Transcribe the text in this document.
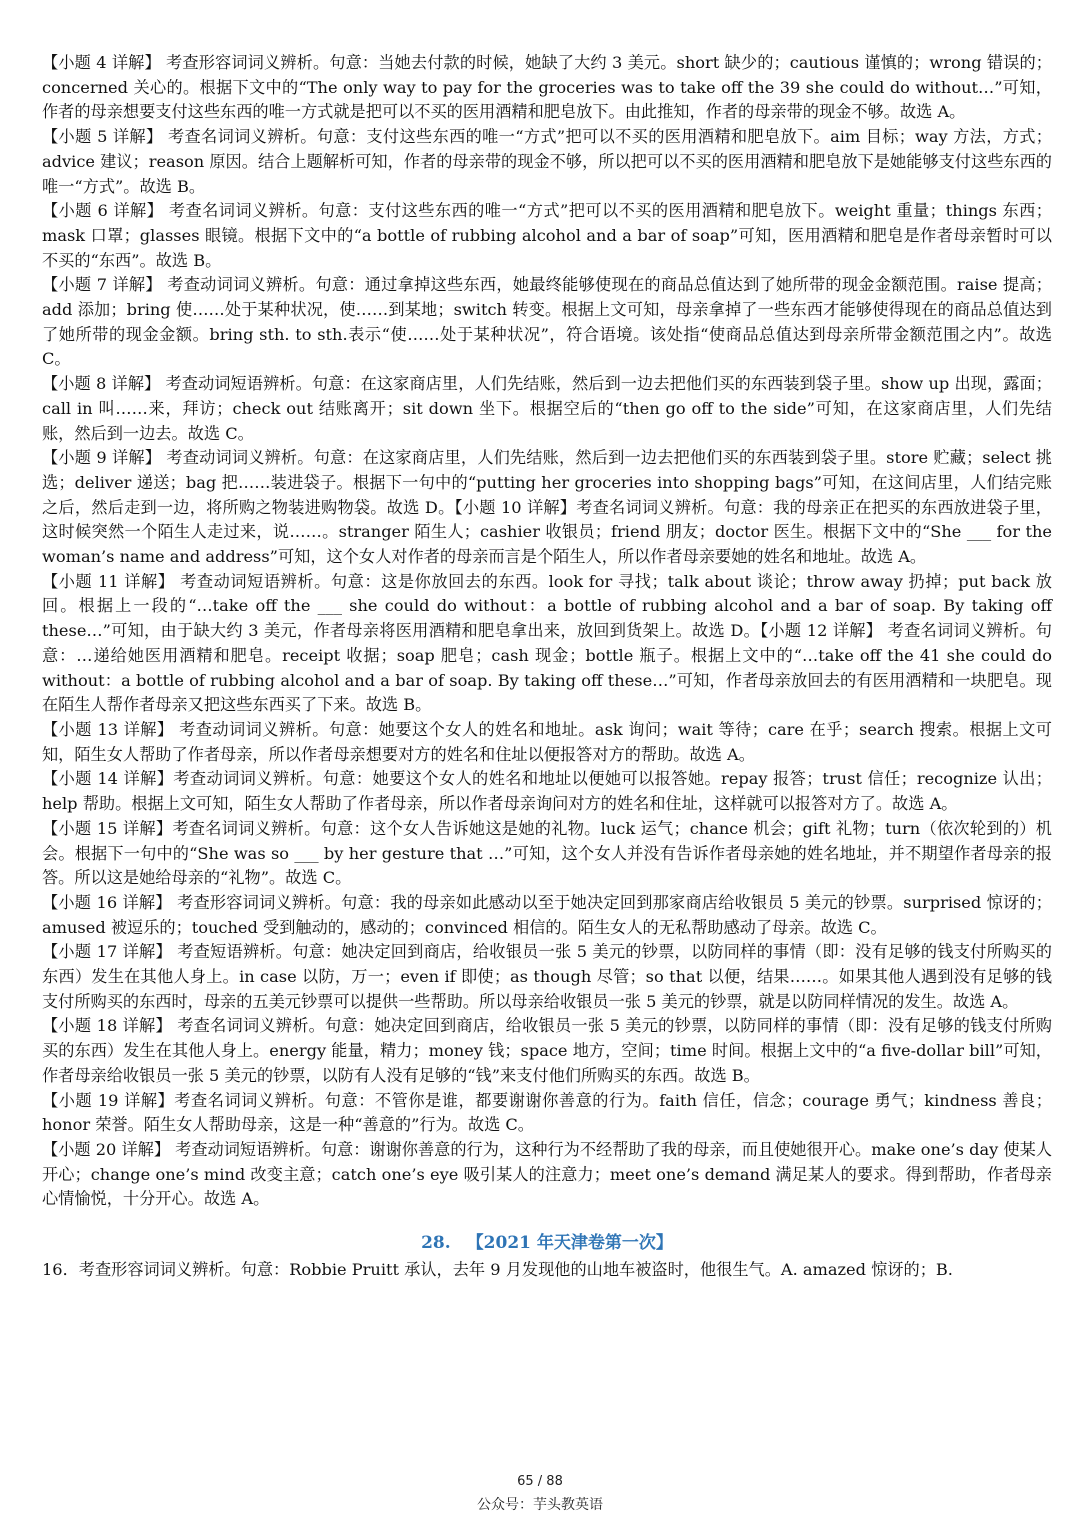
【小题 4 详解】 考查形容词词义辨析。句意：当她去付款的时候，她缺了大约 3 美元。short 缺少的；cautious 谨慎的；wrong 错误的；concerned 关心的。根据下文中的“The only way to pay for the groceries was to take off the 39 she could do without…”可知，作者的母亲想要支付这些东西的唯一方式就是把可以不买的医用酒精和肥皂放下。由此推知，作者的母亲带的现金不够。故选 A。

【小题 5 详解】 考查名词词义辨析。句意：支付这些东西的唯一“方式”把可以不买的医用酒精和肥皂放下。aim 目标；way 方法，方式；advice 建议；reason 原因。结合上题解析可知，作者的母亲带的现金不够，所以把可以不买的医用酒精和肥皂放下是她能够支付这些东西的唯一“方式”。故选 B。

【小题 6 详解】 考查名词词义辨析。句意：支付这些东西的唯一“方式”把可以不买的医用酒精和肥皂放下。weight 重量；things 东西；mask 口罩；glasses 眼镜。根据下文中的“a bottle of rubbing alcohol and a bar of soap”可知，医用酒精和肥皂是作者母亲暂时可以不买的“东西”。故选 B。

【小题 7 详解】 考查动词词义辨析。句意：通过拿掉这些东西，她最终能够使现在的商品总值达到了她所带的现金金额范围。raise 提高；add 添加；bring 使……处于某种状况，使……到某地；switch 转变。根据上文可知，母亲拿掉了一些东西才能够使得现在的商品总值达到了她所带的现金金额。bring sth. to sth.表示“使……处于某种状况”，符合语境。该处指“使商品总值达到母亲所带金额范围之内”。故选 C。

【小题 8 详解】 考查动词短语辨析。句意：在这家商店里，人们先结账，然后到一边去把他们买的东西装到袋子里。show up 出现，露面；call in 叫……来，拜访；check out 结账离开；sit down 坐下。根据空后的“then go off to the side”可知，在这家商店里，人们先结账，然后到一边去。故选 C。

【小题 9 详解】 考查动词词义辨析。句意：在这家商店里，人们先结账，然后到一边去把他们买的东西装到袋子里。store 贮藏；select 挑选；deliver 递送；bag 把……装进袋子。根据下一句中的“putting her groceries into shopping bags”可知，在这间店里，人们结完账之后，然后走到一边，将所购之物装进购物袋。故选 D。【小题 10 详解】考查名词词义辨析。句意：我的母亲正在把买的东西放进袋子里，这时候突然一个陌生人走过来，说……。stranger 陌生人；cashier 收银员；friend 朋友；doctor 医生。根据下文中的“She ___ for the woman’s name and address”可知，这个女人对作者的母亲而言是个陌生人，所以作者母亲要她的姓名和地址。故选 A。

【小题 11 详解】 考查动词短语辨析。句意：这是你放回去的东西。look for 寻找；talk about 谈论；throw away 扔掉；put back 放回。根据上一段的“…take off the ___ she could do without：a bottle of rubbing alcohol and a bar of soap. By taking off these…”可知，由于缺大约 3 美元，作者母亲将医用酒精和肥皂拿出来，放回到货架上。故选 D。【小题 12 详解】 考查名词词义辨析。句意：…递给她医用酒精和肥皂。receipt 收据；soap 肥皂；cash 现金；bottle 瓶子。根据上文中的“…take off the 41 she could do without：a bottle of rubbing alcohol and a bar of soap. By taking off these…”可知，作者母亲放回去的有医用酒精和一块肥皂。现在陌生人帮作者母亲又把这些东西买了下来。故选 B。

【小题 13 详解】 考查动词词义辨析。句意：她要这个女人的姓名和地址。ask 询问；wait 等待；care 在乎；search 搜索。根据上文可知，陌生女人帮助了作者母亲，所以作者母亲想要对方的姓名和住址以便报答对方的帮助。故选 A。

【小题 14 详解】考查动词词义辨析。句意：她要这个女人的姓名和地址以便她可以报答她。repay 报答；trust 信任；recognize 认出；help 帮助。根据上文可知，陌生女人帮助了作者母亲，所以作者母亲询问对方的姓名和住址，这样就可以报答对方了。故选 A。

【小题 15 详解】考查名词词义辨析。句意：这个女人告诉她这是她的礼物。luck 运气；chance 机会；gift 礼物；turn（依次轮到的）机会。根据下一句中的“She was so ___ by her gesture that …”可知，这个女人并没有告诉作者母亲她的姓名地址，并不期望作者母亲的报答。所以这是她给母亲的“礼物”。故选 C。

【小题 16 详解】 考查形容词词义辨析。句意：我的母亲如此感动以至于她决定回到那家商店给收银员 5 美元的钞票。surprised 惊讶的；amused 被逗乐的；touched 受到触动的，感动的；convinced 相信的。陌生女人的无私帮助感动了母亲。故选 C。

【小题 17 详解】 考查短语辨析。句意：她决定回到商店，给收银员一张 5 美元的钞票，以防同样的事情（即：没有足够的钱支付所购买的东西）发生在其他人身上。in case 以防，万一；even if 即使；as though 尽管；so that 以便，结果……。如果其他人遇到没有足够的钱支付所购买的东西时，母亲的五美元钞票可以提供一些帮助。所以母亲给收银员一张 5 美元的钞票，就是以防同样情况的发生。故选 A。

【小题 18 详解】 考查名词词义辨析。句意：她决定回到商店，给收银员一张 5 美元的钞票，以防同样的事情（即：没有足够的钱支付所购买的东西）发生在其他人身上。energy 能量，精力；money 钱；space 地方，空间；time 时间。根据上文中的“a five-dollar bill”可知，作者母亲给收银员一张 5 美元的钞票，以防有人没有足够的“钱”来支付他们所购买的东西。故选 B。

【小题 19 详解】考查名词词义辨析。句意：不管你是谁，都要谢谢你善意的行为。faith 信任，信念；courage 勇气；kindness 善良；honor 荣誉。陌生女人帮助母亲，这是一种“善意的”行为。故选 C。

【小题 20 详解】 考查动词短语辨析。句意：谢谢你善意的行为，这种行为不经帮助了我的母亲，而且使她很开心。make one’s day 使某人开心；change one’s mind 改变主意；catch one’s eye 吸引某人的注意力；meet one’s demand 满足某人的要求。得到帮助，作者母亲心情愉悦，十分开心。故选 A。

28. 【2021 年天津卷第一次】

16．考查形容词词义辨析。句意：Robbie Pruitt 承认，去年 9 月发现他的山地车被盗时，他很生气。A. amazed 惊讶的；B.

65 / 88
公众号：芋头教英语
